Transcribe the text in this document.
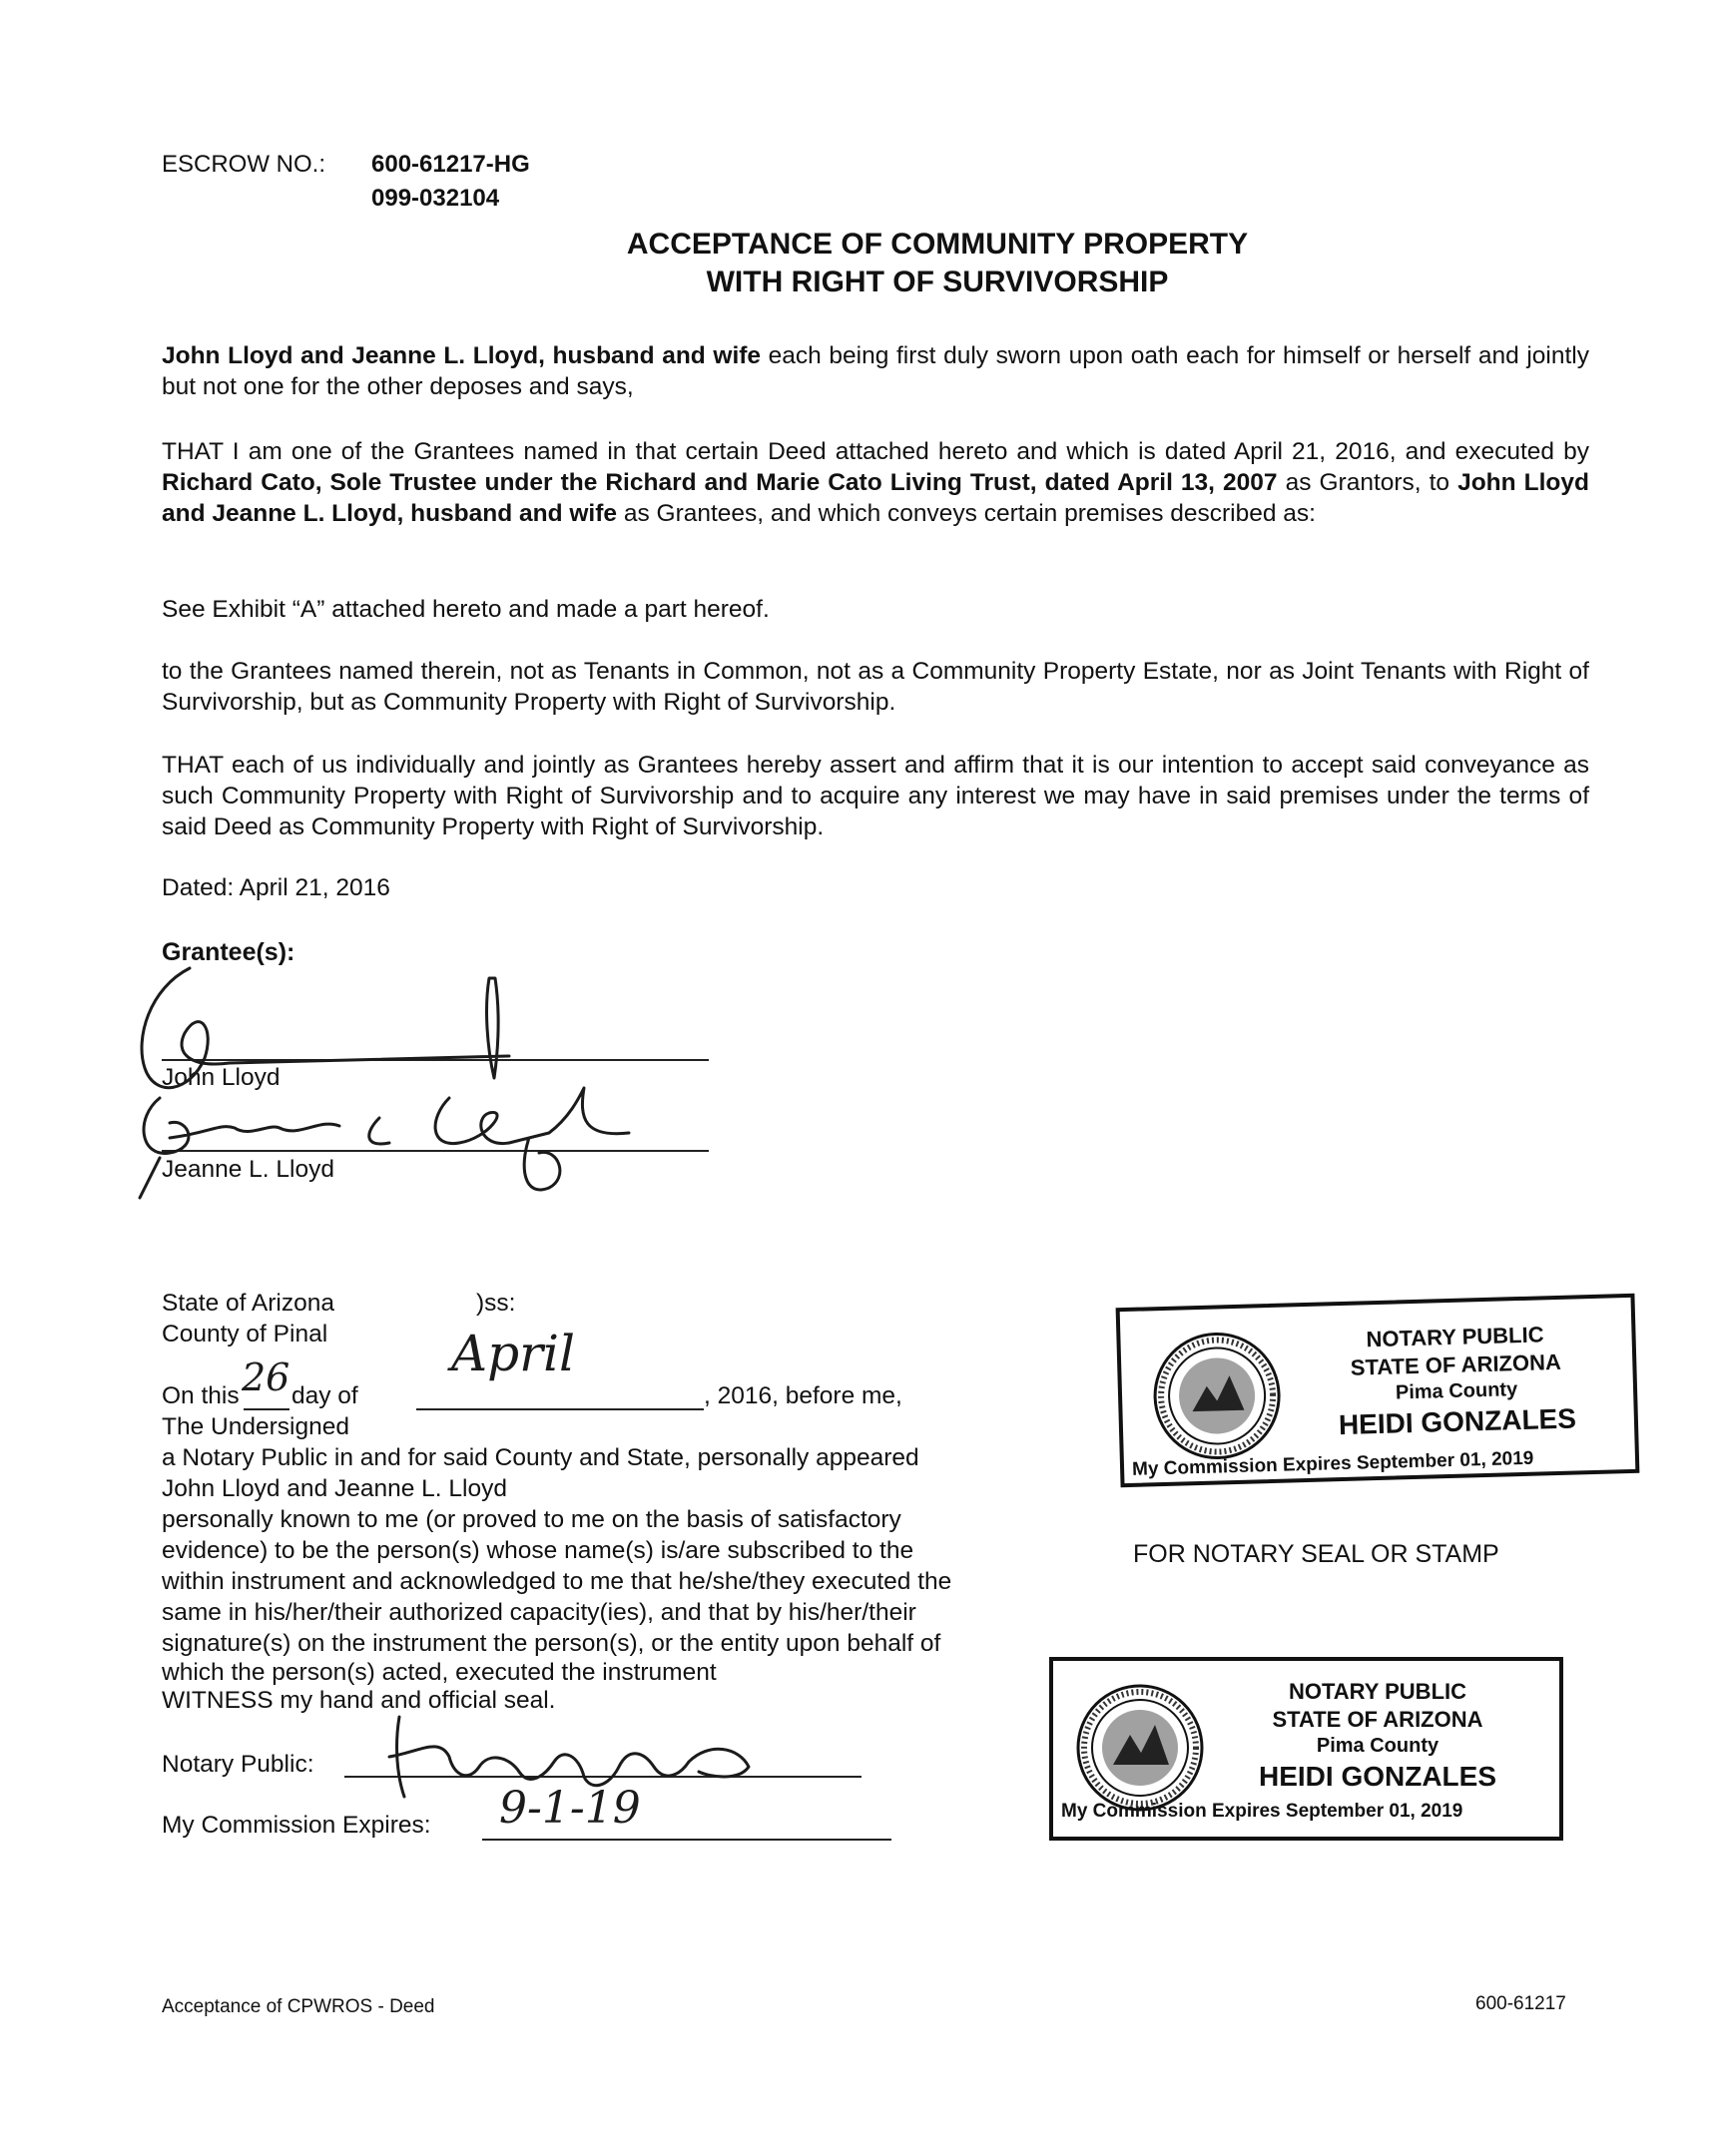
ESCROW NO.: 600-61217-HG
099-032104
ACCEPTANCE OF COMMUNITY PROPERTY
WITH RIGHT OF SURVIVORSHIP
John Lloyd and Jeanne L. Lloyd, husband and wife each being first duly sworn upon oath each for himself or herself and jointly but not one for the other deposes and says,
THAT I am one of the Grantees named in that certain Deed attached hereto and which is dated April 21, 2016, and executed by Richard Cato, Sole Trustee under the Richard and Marie Cato Living Trust, dated April 13, 2007 as Grantors, to John Lloyd and Jeanne L. Lloyd, husband and wife as Grantees, and which conveys certain premises described as:
See Exhibit “A” attached hereto and made a part hereof.
to the Grantees named therein, not as Tenants in Common, not as a Community Property Estate, nor as Joint Tenants with Right of Survivorship, but as Community Property with Right of Survivorship.
THAT each of us individually and jointly as Grantees hereby assert and affirm that it is our intention to accept said conveyance as such Community Property with Right of Survivorship and to acquire any interest we may have in said premises under the terms of said Deed as Community Property with Right of Survivorship.
Dated: April 21, 2016
Grantee(s):
John Lloyd
Jeanne L. Lloyd
State of Arizona	)ss:
County of Pinal
On this 26 day of
April
, 2016, before me,
The Undersigned
a Notary Public in and for said County and State, personally appeared
John Lloyd and Jeanne L. Lloyd
personally known to me (or proved to me on the basis of satisfactory
evidence) to be the person(s) whose name(s) is/are subscribed to the
within instrument and acknowledged to me that he/she/they executed the
same in his/her/their authorized capacity(ies), and that by his/her/their
signature(s) on the instrument the person(s), or the entity upon behalf of
which the person(s) acted, executed the instrument
WITNESS my hand and official seal.
Notary Public:
My Commission Expires: 9-1-19
NOTARY PUBLIC
STATE OF ARIZONA
Pima County
HEIDI GONZALES
My Commission Expires September 01, 2019
FOR NOTARY SEAL OR STAMP
NOTARY PUBLIC
STATE OF ARIZONA
Pima County
HEIDI GONZALES
My Commission Expires September 01, 2019
Acceptance of CPWROS - Deed	600-61217
